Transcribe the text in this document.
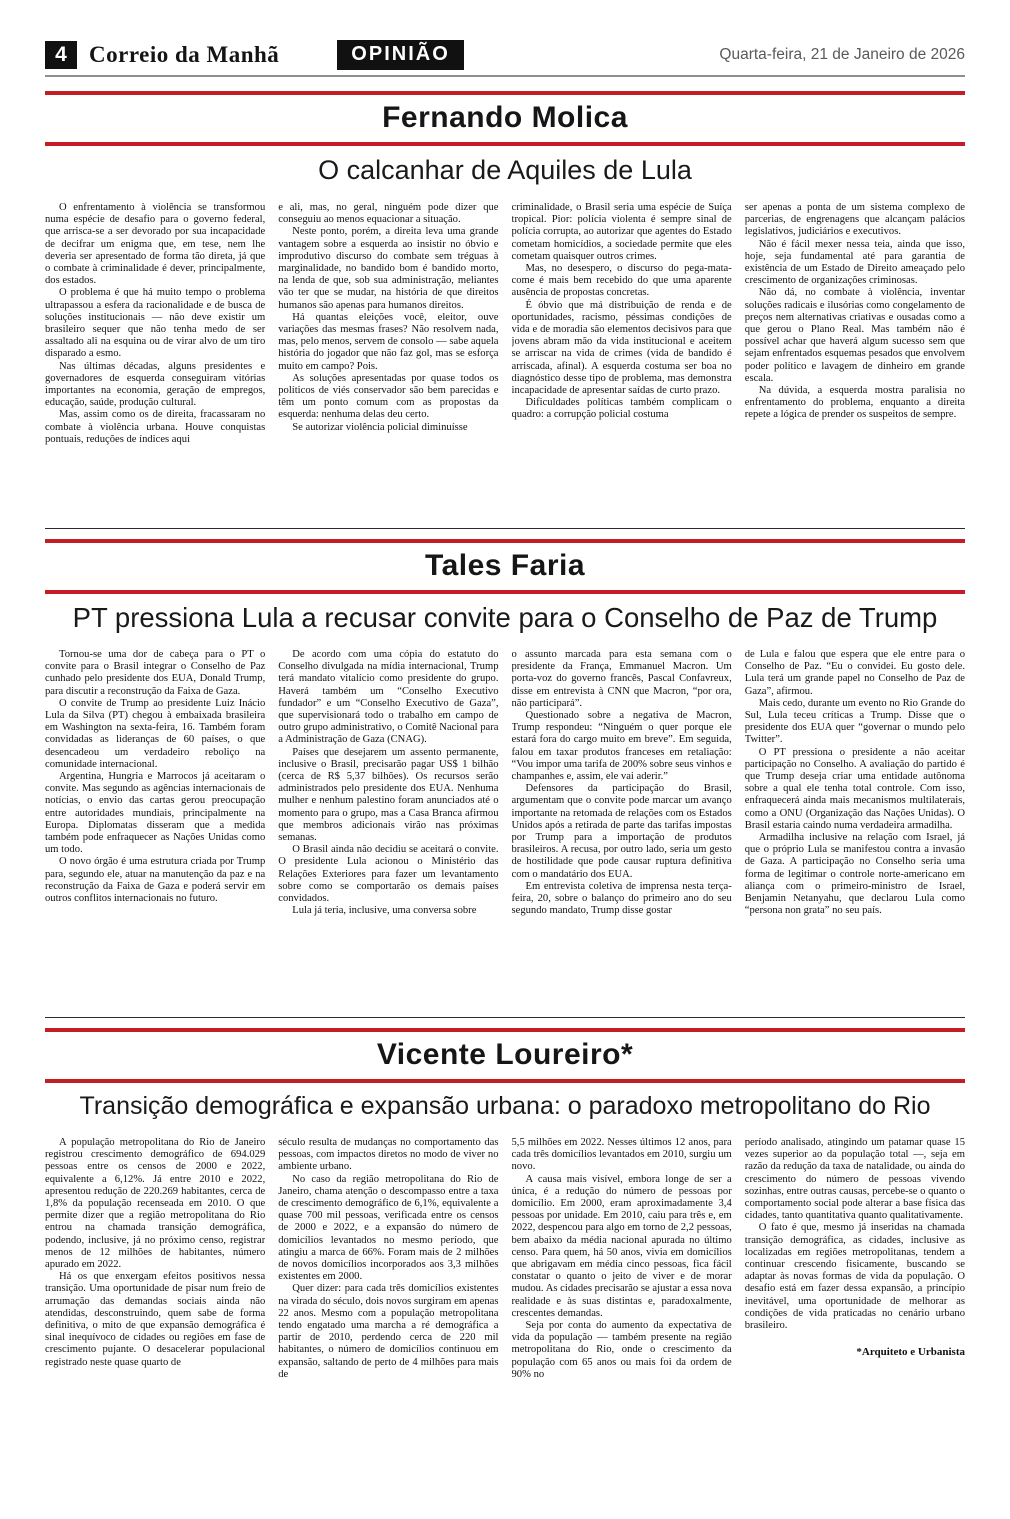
4 Correio da Manhã	OPINIÃO	Quarta-feira, 21 de Janeiro de 2026
Fernando Molica
O calcanhar de Aquiles de Lula

O enfrentamento à violência se transformou numa espécie de desafio para o governo federal, que arrisca-se a ser devorado por sua incapacidade de decifrar um enigma que, em tese, nem lhe deveria ser apresentado de forma tão direta, já que o combate à criminalidade é dever, principalmente, dos estados.

O problema é que há muito tempo o problema ultrapassou a esfera da racionalidade e de busca de soluções institucionais — não deve existir um brasileiro sequer que não tenha medo de ser assaltado ali na esquina ou de virar alvo de um tiro disparado a esmo.

Nas últimas décadas, alguns presidentes e governadores de esquerda conseguiram vitórias importantes na economia, geração de empregos, educação, saúde, produção cultural.

Mas, assim como os de direita, fracassaram no combate à violência urbana. Houve conquistas pontuais, reduções de índices aqui

e ali, mas, no geral, ninguém pode dizer que conseguiu ao menos equacionar a situação.

Neste ponto, porém, a direita leva uma grande vantagem sobre a esquerda ao insistir no óbvio e improdutivo discurso do combate sem tréguas à marginalidade, no bandido bom é bandido morto, na lenda de que, sob sua administração, meliantes vão ter que se mudar, na história de que direitos humanos são apenas para humanos direitos.

Há quantas eleições você, eleitor, ouve variações das mesmas frases? Não resolvem nada, mas, pelo menos, servem de consolo — sabe aquela história do jogador que não faz gol, mas se esforça muito em campo? Pois.

As soluções apresentadas por quase todos os políticos de viés conservador são bem parecidas e têm um ponto comum com as propostas da esquerda: nenhuma delas deu certo.

Se autorizar violência policial diminuísse

criminalidade, o Brasil seria uma espécie de Suíça tropical. Pior: polícia violenta é sempre sinal de polícia corrupta, ao autorizar que agentes do Estado cometam homicídios, a sociedade permite que eles cometam quaisquer outros crimes.

Mas, no desespero, o discurso do pega-mata-come é mais bem recebido do que uma aparente ausência de propostas concretas.

É óbvio que má distribuição de renda e de oportunidades, racismo, péssimas condições de vida e de moradia são elementos decisivos para que jovens abram mão da vida institucional e aceitem se arriscar na vida de crimes (vida de bandido é arriscada, afinal). A esquerda costuma ser boa no diagnóstico desse tipo de problema, mas demonstra incapacidade de apresentar saídas de curto prazo.

Dificuldades políticas também complicam o quadro: a corrupção policial costuma

ser apenas a ponta de um sistema complexo de parcerias, de engrenagens que alcançam palácios legislativos, judiciários e executivos.

Não é fácil mexer nessa teia, ainda que isso, hoje, seja fundamental até para garantia de existência de um Estado de Direito ameaçado pelo crescimento de organizações criminosas.

Não dá, no combate à violência, inventar soluções radicais e ilusórias como congelamento de preços nem alternativas criativas e ousadas como a que gerou o Plano Real. Mas também não é possível achar que haverá algum sucesso sem que sejam enfrentados esquemas pesados que envolvem poder político e lavagem de dinheiro em grande escala.

Na dúvida, a esquerda mostra paralisia no enfrentamento do problema, enquanto a direita repete a lógica de prender os suspeitos de sempre.

Tales Faria
PT pressiona Lula a recusar convite para o Conselho de Paz de Trump

Tornou-se uma dor de cabeça para o PT o convite para o Brasil integrar o Conselho de Paz cunhado pelo presidente dos EUA, Donald Trump, para discutir a reconstrução da Faixa de Gaza.

O convite de Trump ao presidente Luiz Inácio Lula da Silva (PT) chegou à embaixada brasileira em Washington na sexta-feira, 16. Também foram convidadas as lideranças de 60 países, o que desencadeou um verdadeiro reboliço na comunidade internacional.

Argentina, Hungria e Marrocos já aceitaram o convite. Mas segundo as agências internacionais de notícias, o envio das cartas gerou preocupação entre autoridades mundiais, principalmente na Europa. Diplomatas disseram que a medida também pode enfraquecer as Nações Unidas como um todo.

O novo órgão é uma estrutura criada por Trump para, segundo ele, atuar na manutenção da paz e na reconstrução da Faixa de Gaza e poderá servir em outros conflitos internacionais no futuro.

De acordo com uma cópia do estatuto do Conselho divulgada na mídia internacional, Trump terá mandato vitalício como presidente do grupo. Haverá também um “Conselho Executivo fundador” e um “Conselho Executivo de Gaza”, que supervisionará todo o trabalho em campo de outro grupo administrativo, o Comitê Nacional para a Administração de Gaza (CNAG).

Países que desejarem um assento permanente, inclusive o Brasil, precisarão pagar US$ 1 bilhão (cerca de R$ 5,37 bilhões). Os recursos serão administrados pelo presidente dos EUA. Nenhuma mulher e nenhum palestino foram anunciados até o momento para o grupo, mas a Casa Branca afirmou que membros adicionais virão nas próximas semanas.

O Brasil ainda não decidiu se aceitará o convite. O presidente Lula acionou o Ministério das Relações Exteriores para fazer um levantamento sobre como se comportarão os demais países convidados.

Lula já teria, inclusive, uma conversa sobre

o assunto marcada para esta semana com o presidente da França, Emmanuel Macron. Um porta-voz do governo francês, Pascal Confavreux, disse em entrevista à CNN que Macron, “por ora, não participará”.

Questionado sobre a negativa de Macron, Trump respondeu: “Ninguém o quer porque ele estará fora do cargo muito em breve”. Em seguida, falou em taxar produtos franceses em retaliação: “Vou impor uma tarifa de 200% sobre seus vinhos e champanhes e, assim, ele vai aderir.”

Defensores da participação do Brasil, argumentam que o convite pode marcar um avanço importante na retomada de relações com os Estados Unidos após a retirada de parte das tarifas impostas por Trump para a importação de produtos brasileiros. A recusa, por outro lado, seria um gesto de hostilidade que pode causar ruptura definitiva com o mandatário dos EUA.

Em entrevista coletiva de imprensa nesta terça-feira, 20, sobre o balanço do primeiro ano do seu segundo mandato, Trump disse gostar

de Lula e falou que espera que ele entre para o Conselho de Paz. “Eu o convidei. Eu gosto dele. Lula terá um grande papel no Conselho de Paz de Gaza”, afirmou.

Mais cedo, durante um evento no Rio Grande do Sul, Lula teceu críticas a Trump. Disse que o presidente dos EUA quer “governar o mundo pelo Twitter”.

O PT pressiona o presidente a não aceitar participação no Conselho. A avaliação do partido é que Trump deseja criar uma entidade autônoma sobre a qual ele tenha total controle. Com isso, enfraquecerá ainda mais mecanismos multilaterais, como a ONU (Organização das Nações Unidas). O Brasil estaria caindo numa verdadeira armadilha.

Armadilha inclusive na relação com Israel, já que o próprio Lula se manifestou contra a invasão de Gaza. A participação no Conselho seria uma forma de legitimar o controle norte-americano em aliança com o primeiro-ministro de Israel, Benjamin Netanyahu, que declarou Lula como “persona non grata” no seu país.

Vicente Loureiro*
Transição demográfica e expansão urbana: o paradoxo metropolitano do Rio

A população metropolitana do Rio de Janeiro registrou crescimento demográfico de 694.029 pessoas entre os censos de 2000 e 2022, equivalente a 6,12%. Já entre 2010 e 2022, apresentou redução de 220.269 habitantes, cerca de 1,8% da população recenseada em 2010. O que permite dizer que a região metropolitana do Rio entrou na chamada transição demográfica, podendo, inclusive, já no próximo censo, registrar menos de 12 milhões de habitantes, número apurado em 2022.

Há os que enxergam efeitos positivos nessa transição. Uma oportunidade de pisar num freio de arrumação das demandas sociais ainda não atendidas, desconstruindo, quem sabe de forma definitiva, o mito de que expansão demográfica é sinal inequívoco de cidades ou regiões em fase de crescimento pujante. O desacelerar populacional registrado neste quase quarto de

século resulta de mudanças no comportamento das pessoas, com impactos diretos no modo de viver no ambiente urbano.

No caso da região metropolitana do Rio de Janeiro, chama atenção o descompasso entre a taxa de crescimento demográfico de 6,1%, equivalente a quase 700 mil pessoas, verificada entre os censos de 2000 e 2022, e a expansão do número de domicílios levantados no mesmo período, que atingiu a marca de 66%. Foram mais de 2 milhões de novos domicílios incorporados aos 3,3 milhões existentes em 2000.

Quer dizer: para cada três domicílios existentes na virada do século, dois novos surgiram em apenas 22 anos. Mesmo com a população metropolitana tendo engatado uma marcha a ré demográfica a partir de 2010, perdendo cerca de 220 mil habitantes, o número de domicílios continuou em expansão, saltando de perto de 4 milhões para mais de

5,5 milhões em 2022. Nesses últimos 12 anos, para cada três domicílios levantados em 2010, surgiu um novo.

A causa mais visível, embora longe de ser a única, é a redução do número de pessoas por domicílio. Em 2000, eram aproximadamente 3,4 pessoas por unidade. Em 2010, caiu para três e, em 2022, despencou para algo em torno de 2,2 pessoas, bem abaixo da média nacional apurada no último censo. Para quem, há 50 anos, vivia em domicílios que abrigavam em média cinco pessoas, fica fácil constatar o quanto o jeito de viver e de morar mudou. As cidades precisarão se ajustar a essa nova realidade e às suas distintas e, paradoxalmente, crescentes demandas.

Seja por conta do aumento da expectativa de vida da população — também presente na região metropolitana do Rio, onde o crescimento da população com 65 anos ou mais foi da ordem de 90% no

período analisado, atingindo um patamar quase 15 vezes superior ao da população total —, seja em razão da redução da taxa de natalidade, ou ainda do crescimento do número de pessoas vivendo sozinhas, entre outras causas, percebe-se o quanto o comportamento social pode alterar a base física das cidades, tanto quantitativa quanto qualitativamente.

O fato é que, mesmo já inseridas na chamada transição demográfica, as cidades, inclusive as localizadas em regiões metropolitanas, tendem a continuar crescendo fisicamente, buscando se adaptar às novas formas de vida da população. O desafio está em fazer dessa expansão, a princípio inevitável, uma oportunidade de melhorar as condições de vida praticadas no cenário urbano brasileiro.

*Arquiteto e Urbanista
